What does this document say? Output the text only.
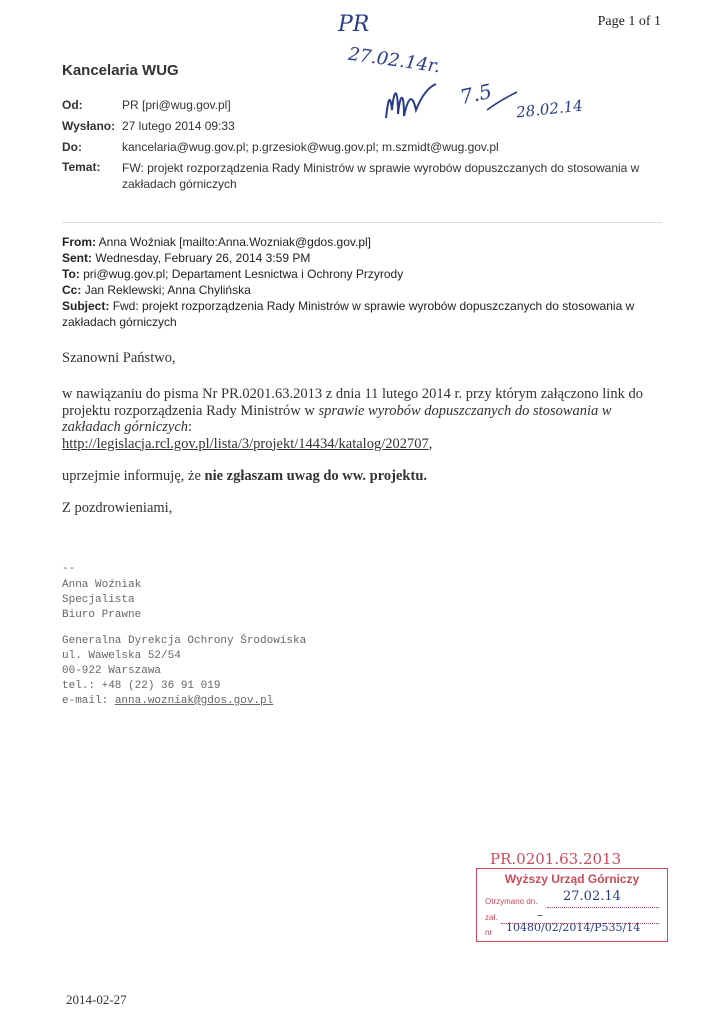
Page 1 of 1
Kancelaria WUG
Od:	PR [pri@wug.gov.pl]
Wysłano: 27 lutego 2014 09:33
Do:	kancelaria@wug.gov.pl; p.grzesiok@wug.gov.pl; m.szmidt@wug.gov.pl
Temat:	FW: projekt rozporządzenia Rady Ministrów w sprawie wyrobów dopuszczanych do stosowania w zakładach górniczych
From: Anna Woźniak [mailto:Anna.Wozniak@gdos.gov.pl]
Sent: Wednesday, February 26, 2014 3:59 PM
To: pri@wug.gov.pl; Departament Lesnictwa i Ochrony Przyrody
Cc: Jan Reklewski; Anna Chylińska
Subject: Fwd: projekt rozporządzenia Rady Ministrów w sprawie wyrobów dopuszczanych do stosowania w zakładach górniczych
Szanowni Państwo,
w nawiązaniu do pisma Nr PR.0201.63.2013 z dnia 11 lutego 2014 r. przy którym załączono link do projektu rozporządzenia Rady Ministrów w sprawie wyrobów dopuszczanych do stosowania w zakładach górniczych:
http://legislacja.rcl.gov.pl/lista/3/projekt/14434/katalog/202707,
uprzejmie informuję, że nie zgłaszam uwag do ww. projektu.
Z pozdrowieniami,
--
Anna Woźniak
Specjalista
Biuro Prawne
Generalna Dyrekcja Ochrony Środowiska
ul. Wawelska 52/54
00-922 Warszawa
tel.: +48 (22) 36 91 019
e-mail: anna.wozniak@gdos.gov.pl
PR
27.02.14r.
7.5 28.02.14
PR.0201.63.2013
Wyższy Urząd Górniczy
Otrzymano dn. 27.02.14
zał.	–
nr 10480/02/2014/P535/14
2014-02-27
